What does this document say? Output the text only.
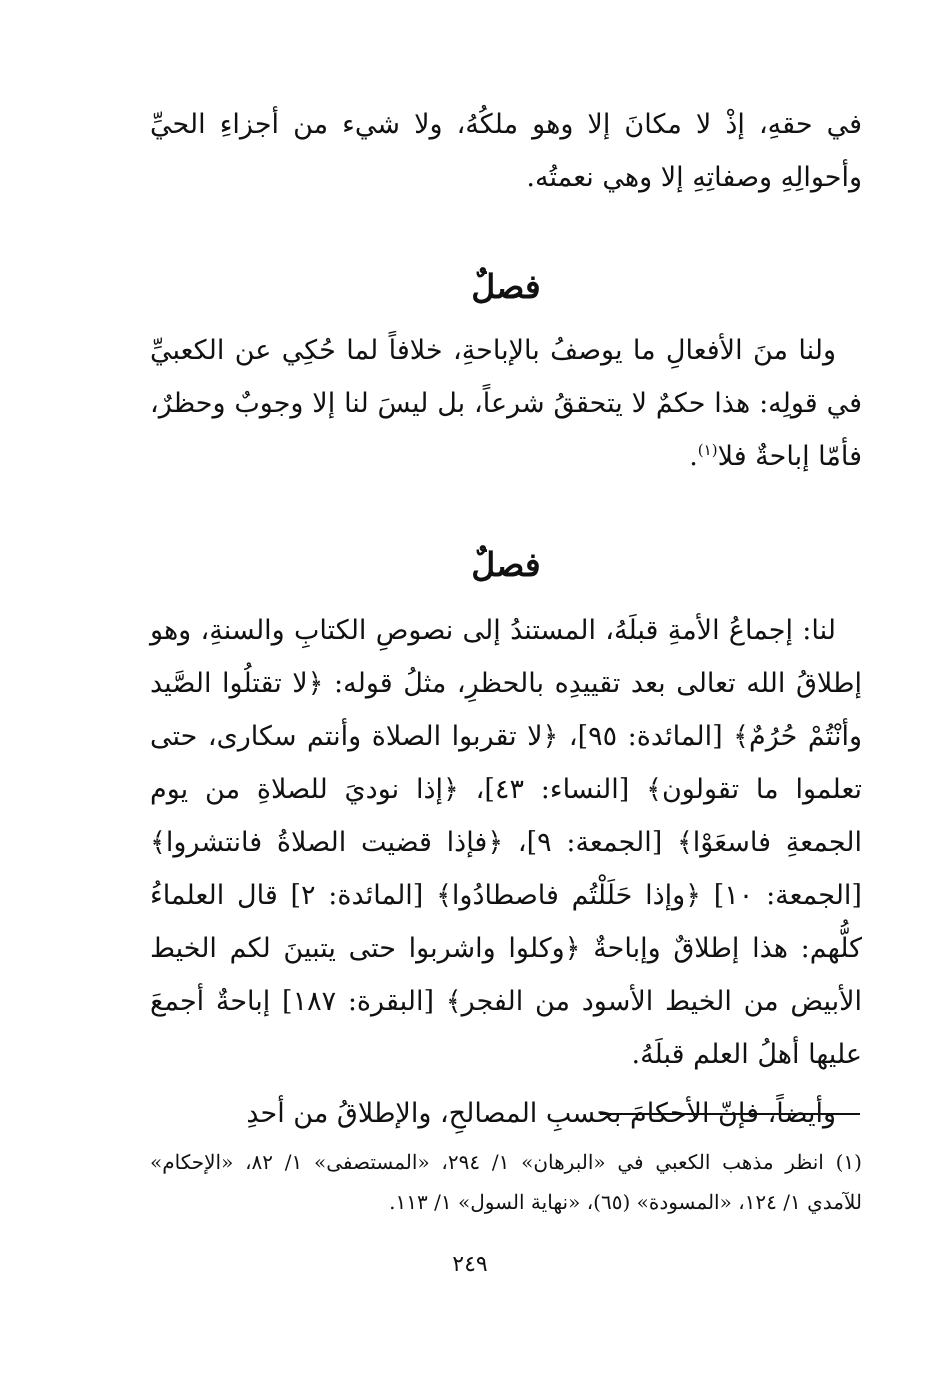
في حقهِ، إذْ لا مكانَ إلا وهو ملكُهُ، ولا شيء من أجزاءِ الحيِّ وأحوالِهِ وصفاتِهِ إلا وهي نعمتُه.

فصلٌ

ولنا منَ الأفعالِ ما يوصفُ بالإباحةِ، خلافاً لما حُكِي عن الكعبيِّ في قولِه: هذا حكمٌ لا يتحققُ شرعاً، بل ليسَ لنا إلا وجوبٌ وحظرٌ، فأمّا إباحةٌ فلا$^{(١)}$.

فصلٌ

لنا: إجماعُ الأمةِ قبلَهُ، المستندُ إلى نصوصِ الكتابِ والسنةِ، وهو إطلاقُ الله تعالى بعد تقييدِه بالحظرِ، مثلُ قوله: ﴿لا تقتلُوا الصَّيد وأنْتُمْ حُرُمٌ﴾ [المائدة: ٩٥]، ﴿لا تقربوا الصلاة وأنتم سكارى، حتى تعلموا ما تقولون﴾ [النساء: ٤٣]، ﴿إذا نوديَ للصلاةِ من يوم الجمعةِ فاسعَوْا﴾ [الجمعة: ٩]، ﴿فإذا قضيت الصلاةُ فانتشروا﴾ [الجمعة: ١٠] ﴿وإذا حَلَلْتُم فاصطادُوا﴾ [المائدة: ٢] قال العلماءُ كلُّهم: هذا إطلاقٌ وإباحةٌ ﴿وكلوا واشربوا حتى يتبينَ لكم الخيط الأبيض من الخيط الأسود من الفجر﴾ [البقرة: ١٨٧] إباحةٌ أجمعَ عليها أهلُ العلم قبلَهُ.

وأيضاً، فإنّ الأحكامَ بحسبِ المصالحِ، والإطلاقُ من أحدِ

(١) انظر مذهب الكعبي في «البرهان» ١/ ٢٩٤، «المستصفى» ١/ ٨٢، «الإحكام» للآمدي ١/ ١٢٤، «المسودة» (٦٥)، «نهاية السول» ١/ ١١٣.

٢٤٩
